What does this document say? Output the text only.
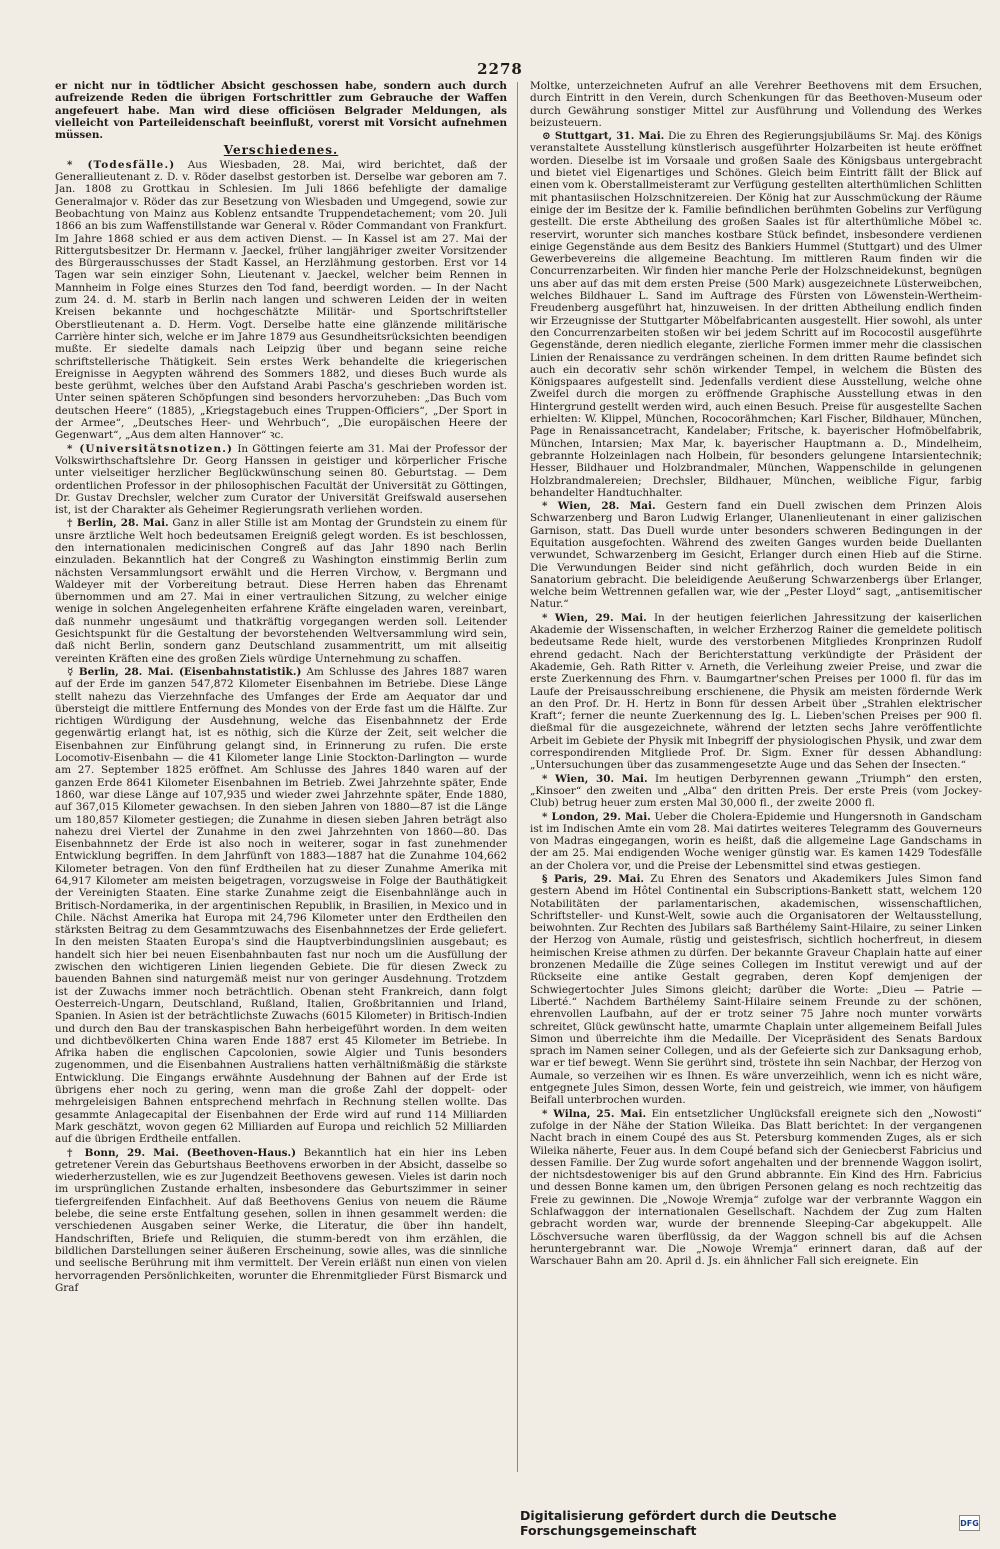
2278

er nicht nur in tödtlicher Absicht geschossen habe, sondern auch durch aufreizende Reden die übrigen Fortschrittler zum Gebrauche der Waffen angefeuert habe. Man wird diese officiösen Belgrader Meldungen, als vielleicht von Parteileidenschaft beeinflußt, vorerst mit Vorsicht aufnehmen müssen.

Verschiedenes.

* (Todesfälle.) Aus Wiesbaden, 28. Mai, wird berichtet, daß der Generallieutenant z. D. v. Röder daselbst gestorben ist. Derselbe war geboren am 7. Jan. 1808 zu Grottkau in Schlesien. Im Juli 1866 befehligte der damalige Generalmajor v. Röder das zur Besetzung von Wiesbaden und Umgegend, sowie zur Beobachtung von Mainz aus Koblenz entsandte Truppendetachement; vom 20. Juli 1866 an bis zum Waffenstillstande war General v. Röder Commandant von Frankfurt. Im Jahre 1868 schied er aus dem activen Dienst. — In Kassel ist am 27. Mai der Rittergutsbesitzer Dr. Hermann v. Jaeckel, früher langjähriger zweiter Vorsitzender des Bürgerausschusses der Stadt Kassel, an Herzlähmung gestorben. Erst vor 14 Tagen war sein einziger Sohn, Lieutenant v. Jaeckel, welcher beim Rennen in Mannheim in Folge eines Sturzes den Tod fand, beerdigt worden. — In der Nacht zum 24. d. M. starb in Berlin nach langen und schweren Leiden der in weiten Kreisen bekannte und hochgeschätzte Militär- und Sportschriftsteller Oberstlieutenant a. D. Herm. Vogt. Derselbe hatte eine glänzende militärische Carrière hinter sich, welche er im Jahre 1879 aus Gesundheitsrücksichten beendigen mußte. Er siedelte damals nach Leipzig über und begann seine reiche schriftstellerische Thätigkeit. Sein erstes Werk behandelte die kriegerischen Ereignisse in Aegypten während des Sommers 1882, und dieses Buch wurde als beste gerühmt, welches über den Aufstand Arabi Pascha's geschrieben worden ist. Unter seinen späteren Schöpfungen sind besonders hervorzuheben: „Das Buch vom deutschen Heere“ (1885), „Kriegstagebuch eines Truppen-Officiers“, „Der Sport in der Armee“, „Deutsches Heer- und Wehrbuch“, „Die europäischen Heere der Gegenwart“, „Aus dem alten Hannover“ ꝛc.

* (Universitätsnotizen.) In Göttingen feierte am 31. Mai der Professor der Volkswirthschaftslehre Dr. Georg Hanssen in geistiger und körperlicher Frische unter vielseitiger herzlicher Beglückwünschung seinen 80. Geburtstag. — Dem ordentlichen Professor in der philosophischen Facultät der Universität zu Göttingen, Dr. Gustav Drechsler, welcher zum Curator der Universität Greifswald ausersehen ist, ist der Charakter als Geheimer Regierungsrath verliehen worden.

† Berlin, 28. Mai. Ganz in aller Stille ist am Montag der Grundstein zu einem für unsre ärztliche Welt hoch bedeutsamen Ereigniß gelegt worden. Es ist beschlossen, den internationalen medicinischen Congreß auf das Jahr 1890 nach Berlin einzuladen. Bekanntlich hat der Congreß zu Washington einstimmig Berlin zum nächsten Versammlungsort erwählt und die Herren Virchow, v. Bergmann und Waldeyer mit der Vorbereitung betraut. Diese Herren haben das Ehrenamt übernommen und am 27. Mai in einer vertraulichen Sitzung, zu welcher einige wenige in solchen Angelegenheiten erfahrene Kräfte eingeladen waren, vereinbart, daß nunmehr ungesäumt und thatkräftig vorgegangen werden soll. Leitender Gesichtspunkt für die Gestaltung der bevorstehenden Weltversammlung wird sein, daß nicht Berlin, sondern ganz Deutschland zusammentritt, um mit allseitig vereinten Kräften eine des großen Ziels würdige Unternehmung zu schaffen.

☿ Berlin, 28. Mai. (Eisenbahnstatistik.) Am Schlusse des Jahres 1887 waren auf der Erde im ganzen 547,872 Kilometer Eisenbahnen im Betriebe. Diese Länge stellt nahezu das Vierzehnfache des Umfanges der Erde am Aequator dar und übersteigt die mittlere Entfernung des Mondes von der Erde fast um die Hälfte. Zur richtigen Würdigung der Ausdehnung, welche das Eisenbahnnetz der Erde gegenwärtig erlangt hat, ist es nöthig, sich die Kürze der Zeit, seit welcher die Eisenbahnen zur Einführung gelangt sind, in Erinnerung zu rufen. Die erste Locomotiv-Eisenbahn — die 41 Kilometer lange Linie Stockton-Darlington — wurde am 27. September 1825 eröffnet. Am Schlusse des Jahres 1840 waren auf der ganzen Erde 8641 Kilometer Eisenbahnen im Betrieb. Zwei Jahrzehnte später, Ende 1860, war diese Länge auf 107,935 und wieder zwei Jahrzehnte später, Ende 1880, auf 367,015 Kilometer gewachsen. In den sieben Jahren von 1880—87 ist die Länge um 180,857 Kilometer gestiegen; die Zunahme in diesen sieben Jahren beträgt also nahezu drei Viertel der Zunahme in den zwei Jahrzehnten von 1860—80. Das Eisenbahnnetz der Erde ist also noch in weiterer, sogar in fast zunehmender Entwicklung begriffen. In dem Jahrfünft von 1883—1887 hat die Zunahme 104,662 Kilometer betragen. Von den fünf Erdtheilen hat zu dieser Zunahme Amerika mit 64,917 Kilometer am meisten beigetragen, vorzugsweise in Folge der Bauthätigkeit der Vereinigten Staaten. Eine starke Zunahme zeigt die Eisenbahnlänge auch in Britisch-Nordamerika, in der argentinischen Republik, in Brasilien, in Mexico und in Chile. Nächst Amerika hat Europa mit 24,796 Kilometer unter den Erdtheilen den stärksten Beitrag zu dem Gesammtzuwachs des Eisenbahnnetzes der Erde geliefert. In den meisten Staaten Europa's sind die Hauptverbindungslinien ausgebaut; es handelt sich hier bei neuen Eisenbahnbauten fast nur noch um die Ausfüllung der zwischen den wichtigeren Linien liegenden Gebiete. Die für diesen Zweck zu bauenden Bahnen sind naturgemäß meist nur von geringer Ausdehnung. Trotzdem ist der Zuwachs immer noch beträchtlich. Obenan steht Frankreich, dann folgt Oesterreich-Ungarn, Deutschland, Rußland, Italien, Großbritannien und Irland, Spanien. In Asien ist der beträchtlichste Zuwachs (6015 Kilometer) in Britisch-Indien und durch den Bau der transkaspischen Bahn herbeigeführt worden. In dem weiten und dichtbevölkerten China waren Ende 1887 erst 45 Kilometer im Betriebe. In Afrika haben die englischen Capcolonien, sowie Algier und Tunis besonders zugenommen, und die Eisenbahnen Australiens hatten verhältnißmäßig die stärkste Entwicklung. Die Eingangs erwähnte Ausdehnung der Bahnen auf der Erde ist übrigens eher noch zu gering, wenn man die große Zahl der doppelt- oder mehrgeleisigen Bahnen entsprechend mehrfach in Rechnung stellen wollte. Das gesammte Anlagecapital der Eisenbahnen der Erde wird auf rund 114 Milliarden Mark geschätzt, wovon gegen 62 Milliarden auf Europa und reichlich 52 Milliarden auf die übrigen Erdtheile entfallen.

† Bonn, 29. Mai. (Beethoven-Haus.) Bekanntlich hat ein hier ins Leben getretener Verein das Geburtshaus Beethovens erworben in der Absicht, dasselbe so wiederherzustellen, wie es zur Jugendzeit Beethovens gewesen. Vieles ist darin noch im ursprünglichen Zustande erhalten, insbesondere das Geburtszimmer in seiner tiefergreifenden Einfachheit. Auf daß Beethovens Genius von neuem die Räume belebe, die seine erste Entfaltung gesehen, sollen in ihnen gesammelt werden: die verschiedenen Ausgaben seiner Werke, die Literatur, die über ihn handelt, Handschriften, Briefe und Reliquien, die stumm-beredt von ihm erzählen, die bildlichen Darstellungen seiner äußeren Erscheinung, sowie alles, was die sinnliche und seelische Berührung mit ihm vermittelt. Der Verein erläßt nun einen von vielen hervorragenden Persönlichkeiten, worunter die Ehrenmitglieder Fürst Bismarck und Graf

Moltke, unterzeichneten Aufruf an alle Verehrer Beethovens mit dem Ersuchen, durch Eintritt in den Verein, durch Schenkungen für das Beethoven-Museum oder durch Gewährung sonstiger Mittel zur Ausführung und Vollendung des Werkes beizusteuern.

⊙ Stuttgart, 31. Mai. Die zu Ehren des Regierungsjubiläums Sr. Maj. des Königs veranstaltete Ausstellung künstlerisch ausgeführter Holzarbeiten ist heute eröffnet worden. Dieselbe ist im Vorsaale und großen Saale des Königsbaus untergebracht und bietet viel Eigenartiges und Schönes. Gleich beim Eintritt fällt der Blick auf einen vom k. Oberstallmeisteramt zur Verfügung gestellten alterthümlichen Schlitten mit phantasiischen Holzschnitzereien. Der König hat zur Ausschmückung der Räume einige der im Besitze der k. Familie befindlichen berühmten Gobelins zur Verfügung gestellt. Die erste Abtheilung des großen Saales ist für alterthümliche Möbel ꝛc. reservirt, worunter sich manches kostbare Stück befindet, insbesondere verdienen einige Gegenstände aus dem Besitz des Bankiers Hummel (Stuttgart) und des Ulmer Gewerbevereins die allgemeine Beachtung. Im mittleren Raum finden wir die Concurrenzarbeiten. Wir finden hier manche Perle der Holzschneidekunst, begnügen uns aber auf das mit dem ersten Preise (500 Mark) ausgezeichnete Lüsterweibchen, welches Bildhauer L. Sand im Auftrage des Fürsten von Löwenstein-Wertheim-Freudenberg ausgeführt hat, hinzuweisen. In der dritten Abtheilung endlich finden wir Erzeugnisse der Stuttgarter Möbelfabricanten ausgestellt. Hier sowohl, als unter den Concurrenzarbeiten stoßen wir bei jedem Schritt auf im Rococostil ausgeführte Gegenstände, deren niedlich elegante, zierliche Formen immer mehr die classischen Linien der Renaissance zu verdrängen scheinen. In dem dritten Raume befindet sich auch ein decorativ sehr schön wirkender Tempel, in welchem die Büsten des Königspaares aufgestellt sind. Jedenfalls verdient diese Ausstellung, welche ohne Zweifel durch die morgen zu eröffnende Graphische Ausstellung etwas in den Hintergrund gestellt werden wird, auch einen Besuch. Preise für ausgestellte Sachen erhielten: W. Klippel, München, Rococorähmchen; Karl Fischer, Bildhauer, München, Page in Renaissancetracht, Kandelaber; Fritsche, k. bayerischer Hofmöbelfabrik, München, Intarsien; Max Mar, k. bayerischer Hauptmann a. D., Mindelheim, gebrannte Holzeinlagen nach Holbein, für besonders gelungene Intarsientechnik; Hesser, Bildhauer und Holzbrandmaler, München, Wappenschilde in gelungenen Holzbrandmalereien; Drechsler, Bildhauer, München, weibliche Figur, farbig behandelter Handtuchhalter.

* Wien, 28. Mai. Gestern fand ein Duell zwischen dem Prinzen Alois Schwarzenberg und Baron Ludwig Erlanger, Ulanenlieutenant in einer galizischen Garnison, statt. Das Duell wurde unter besonders schweren Bedingungen in der Equitation ausgefochten. Während des zweiten Ganges wurden beide Duellanten verwundet, Schwarzenberg im Gesicht, Erlanger durch einen Hieb auf die Stirne. Die Verwundungen Beider sind nicht gefährlich, doch wurden Beide in ein Sanatorium gebracht. Die beleidigende Aeußerung Schwarzenbergs über Erlanger, welche beim Wettrennen gefallen war, wie der „Pester Lloyd“ sagt, „antisemitischer Natur.“

* Wien, 29. Mai. In der heutigen feierlichen Jahressitzung der kaiserlichen Akademie der Wissenschaften, in welcher Erzherzog Rainer die gemeldete politisch bedeutsame Rede hielt, wurde des verstorbenen Mitgliedes Kronprinzen Rudolf ehrend gedacht. Nach der Berichterstattung verkündigte der Präsident der Akademie, Geh. Rath Ritter v. Arneth, die Verleihung zweier Preise, und zwar die erste Zuerkennung des Fhrn. v. Baumgartner'schen Preises per 1000 fl. für das im Laufe der Preisausschreibung erschienene, die Physik am meisten fördernde Werk an den Prof. Dr. H. Hertz in Bonn für dessen Arbeit über „Strahlen elektrischer Kraft“; ferner die neunte Zuerkennung des Ig. L. Lieben'schen Preises per 900 fl. dießmal für die ausgezeichnete, während der letzten sechs Jahre veröffentlichte Arbeit im Gebiete der Physik mit Inbegriff der physiologischen Physik, und zwar dem correspondirenden Mitgliede Prof. Dr. Sigm. Exner für dessen Abhandlung: „Untersuchungen über das zusammengesetzte Auge und das Sehen der Insecten.“

* Wien, 30. Mai. Im heutigen Derbyrennen gewann „Triumph“ den ersten, „Kinsoer“ den zweiten und „Alba“ den dritten Preis. Der erste Preis (vom Jockey-Club) betrug heuer zum ersten Mal 30,000 fl., der zweite 2000 fl.

* London, 29. Mai. Ueber die Cholera-Epidemie und Hungersnoth in Gandscham ist im Indischen Amte ein vom 28. Mai datirtes weiteres Telegramm des Gouverneurs von Madras eingegangen, worin es heißt, daß die allgemeine Lage Gandschams in der am 25. Mai endigenden Woche weniger günstig war. Es kamen 1429 Todesfälle an der Cholera vor, und die Preise der Lebensmittel sind etwas gestiegen.

§ Paris, 29. Mai. Zu Ehren des Senators und Akademikers Jules Simon fand gestern Abend im Hôtel Continental ein Subscriptions-Bankett statt, welchem 120 Notabilitäten der parlamentarischen, akademischen, wissenschaftlichen, Schriftsteller- und Kunst-Welt, sowie auch die Organisatoren der Weltausstellung, beiwohnten. Zur Rechten des Jubilars saß Barthélemy Saint-Hilaire, zu seiner Linken der Herzog von Aumale, rüstig und geistesfrisch, sichtlich hocherfreut, in diesem heimischen Kreise athmen zu dürfen. Der bekannte Graveur Chaplain hatte auf einer bronzenen Medaille die Züge seines Collegen im Institut verewigt und auf der Rückseite eine antike Gestalt gegraben, deren Kopf demjenigen der Schwiegertochter Jules Simons gleicht; darüber die Worte: „Dieu — Patrie — Liberté.“ Nachdem Barthélemy Saint-Hilaire seinem Freunde zu der schönen, ehrenvollen Laufbahn, auf der er trotz seiner 75 Jahre noch munter vorwärts schreitet, Glück gewünscht hatte, umarmte Chaplain unter allgemeinem Beifall Jules Simon und überreichte ihm die Medaille. Der Vicepräsident des Senats Bardoux sprach im Namen seiner Collegen, und als der Gefeierte sich zur Danksagung erhob, war er tief bewegt. Wenn Sie gerührt sind, tröstete ihn sein Nachbar, der Herzog von Aumale, so verzeihen wir es Ihnen. Es wäre unverzeihlich, wenn ich es nicht wäre, entgegnete Jules Simon, dessen Worte, fein und geistreich, wie immer, von häufigem Beifall unterbrochen wurden.

* Wilna, 25. Mai. Ein entsetzlicher Unglücksfall ereignete sich den „Nowosti“ zufolge in der Nähe der Station Wileika. Das Blatt berichtet: In der vergangenen Nacht brach in einem Coupé des aus St. Petersburg kommenden Zuges, als er sich Wileika näherte, Feuer aus. In dem Coupé befand sich der Geniecberst Fabricius und dessen Familie. Der Zug wurde sofort angehalten und der brennende Waggon isolirt, der nichtsdestoweniger bis auf den Grund abbrannte. Ein Kind des Hrn. Fabricius und dessen Bonne kamen um, den übrigen Personen gelang es noch rechtzeitig das Freie zu gewinnen. Die „Nowoje Wremja“ zufolge war der verbrannte Waggon ein Schlafwaggon der internationalen Gesellschaft. Nachdem der Zug zum Halten gebracht worden war, wurde der brennende Sleeping-Car abgekuppelt. Alle Löschversuche waren überflüssig, da der Waggon schnell bis auf die Achsen heruntergebrannt war. Die „Nowoje Wremja“ erinnert daran, daß auf der Warschauer Bahn am 20. April d. Js. ein ähnlicher Fall sich ereignete. Ein

Digitalisierung gefördert durch die Deutsche Forschungsgemeinschaft	DFG
